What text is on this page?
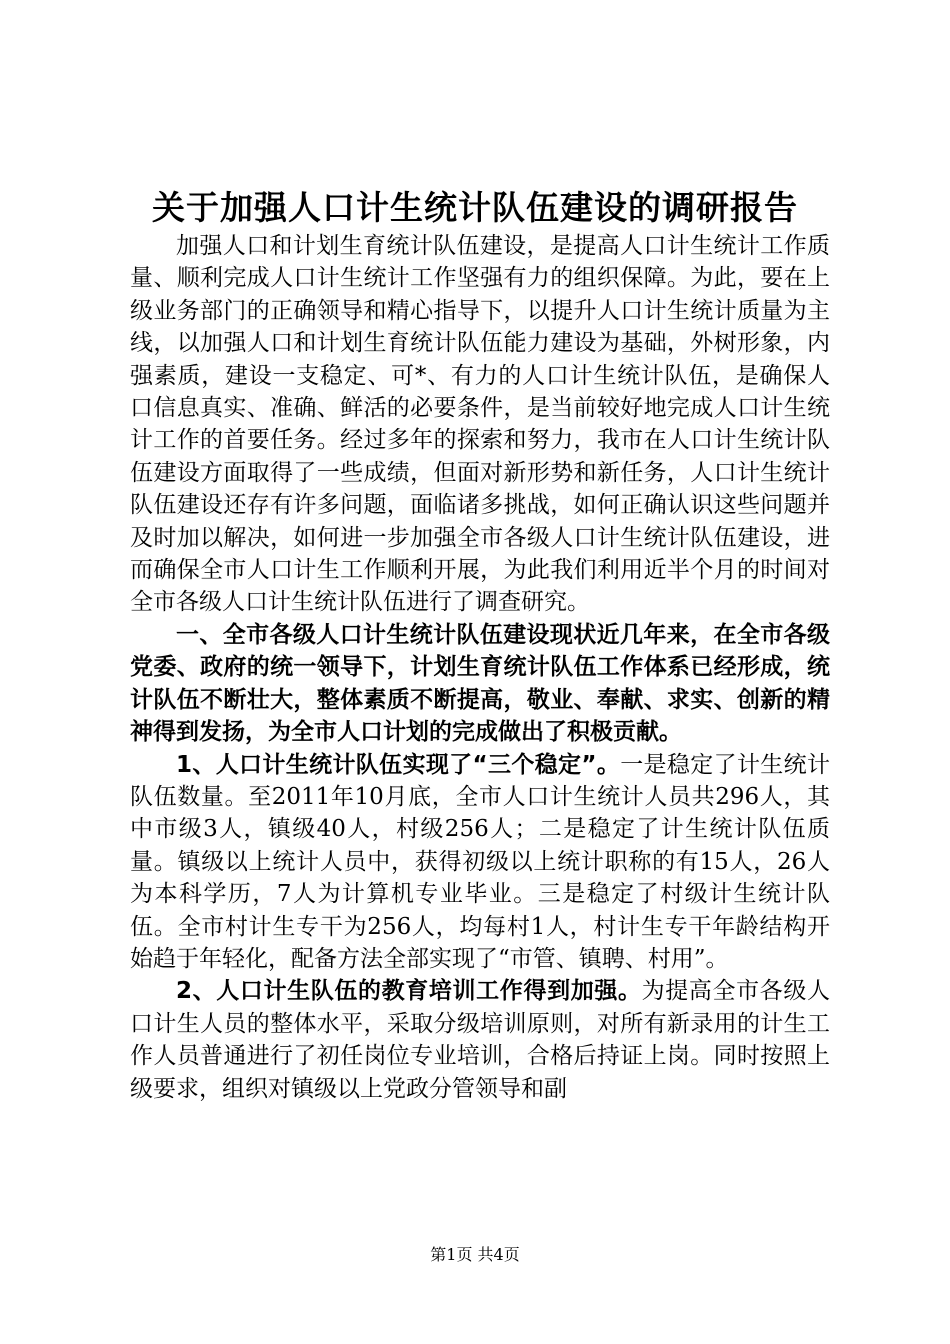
关于加强人口计生统计队伍建设的调研报告

加强人口和计划生育统计队伍建设，是提高人口计生统计工作质量、顺利完成人口计生统计工作坚强有力的组织保障。为此，要在上级业务部门的正确领导和精心指导下，以提升人口计生统计质量为主线，以加强人口和计划生育统计队伍能力建设为基础，外树形象，内强素质，建设一支稳定、可*、有力的人口计生统计队伍，是确保人口信息真实、准确、鲜活的必要条件，是当前较好地完成人口计生统计工作的首要任务。经过多年的探索和努力，我市在人口计生统计队伍建设方面取得了一些成绩，但面对新形势和新任务，人口计生统计队伍建设还存有许多问题，面临诸多挑战，如何正确认识这些问题并及时加以解决，如何进一步加强全市各级人口计生统计队伍建设，进而确保全市人口计生工作顺利开展，为此我们利用近半个月的时间对全市各级人口计生统计队伍进行了调查研究。

一、全市各级人口计生统计队伍建设现状近几年来，在全市各级党委、政府的统一领导下，计划生育统计队伍工作体系已经形成，统计队伍不断壮大，整体素质不断提高，敬业、奉献、求实、创新的精神得到发扬，为全市人口计划的完成做出了积极贡献。

1、人口计生统计队伍实现了“三个稳定”。一是稳定了计生统计队伍数量。至2011年10月底，全市人口计生统计人员共296人，其中市级3人，镇级40人，村级256人；二是稳定了计生统计队伍质量。镇级以上统计人员中，获得初级以上统计职称的有15人，26人为本科学历，7人为计算机专业毕业。三是稳定了村级计生统计队伍。全市村计生专干为256人，均每村1人，村计生专干年龄结构开始趋于年轻化，配备方法全部实现了“市管、镇聘、村用”。

2、人口计生队伍的教育培训工作得到加强。为提高全市各级人口计生人员的整体水平，采取分级培训原则，对所有新录用的计生工作人员普通进行了初任岗位专业培训，合格后持证上岗。同时按照上级要求，组织对镇级以上党政分管领导和副

第1页 共4页
